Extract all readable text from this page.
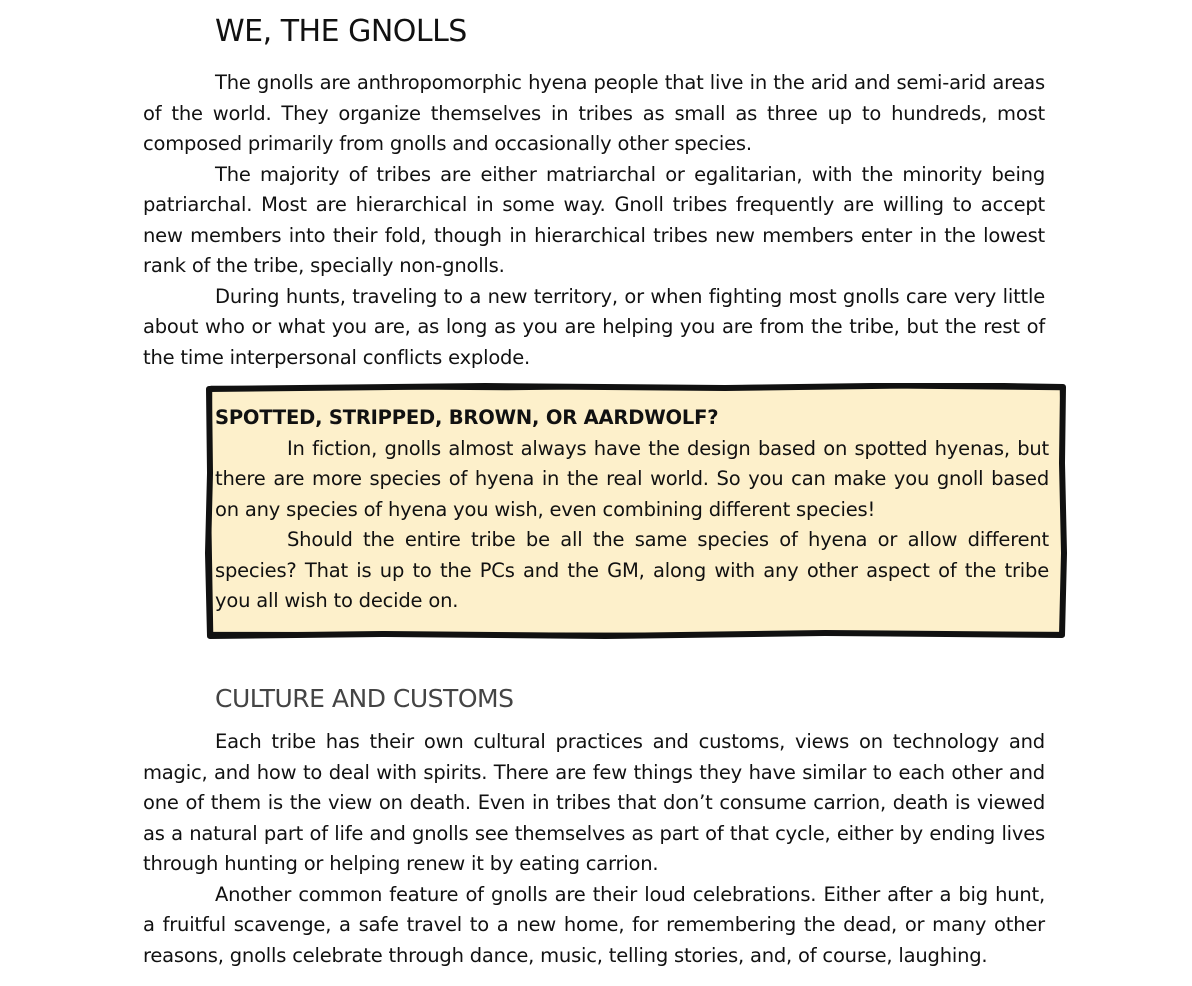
WE, THE GNOLLS

The gnolls are anthropomorphic hyena people that live in the arid and semi-arid areas of the world. They organize themselves in tribes as small as three up to hundreds, most composed primarily from gnolls and occasionally other species.

The majority of tribes are either matriarchal or egalitarian, with the minority being patriarchal. Most are hierarchical in some way. Gnoll tribes frequently are willing to accept new members into their fold, though in hierarchical tribes new members enter in the lowest rank of the tribe, specially non-gnolls.

During hunts, traveling to a new territory, or when fighting most gnolls care very little about who or what you are, as long as you are helping you are from the tribe, but the rest of the time interpersonal conflicts explode.

SPOTTED, STRIPPED, BROWN, OR AARDWOLF?

In fiction, gnolls almost always have the design based on spotted hyenas, but there are more species of hyena in the real world. So you can make you gnoll based on any species of hyena you wish, even combining different species!

Should the entire tribe be all the same species of hyena or allow different species? That is up to the PCs and the GM, along with any other aspect of the tribe you all wish to decide on.

CULTURE AND CUSTOMS

Each tribe has their own cultural practices and customs, views on technology and magic, and how to deal with spirits. There are few things they have similar to each other and one of them is the view on death. Even in tribes that don’t consume carrion, death is viewed as a natural part of life and gnolls see themselves as part of that cycle, either by ending lives through hunting or helping renew it by eating carrion.

Another common feature of gnolls are their loud celebrations. Either after a big hunt, a fruitful scavenge, a safe travel to a new home, for remembering the dead, or many other reasons, gnolls celebrate through dance, music, telling stories, and, of course, laughing.
